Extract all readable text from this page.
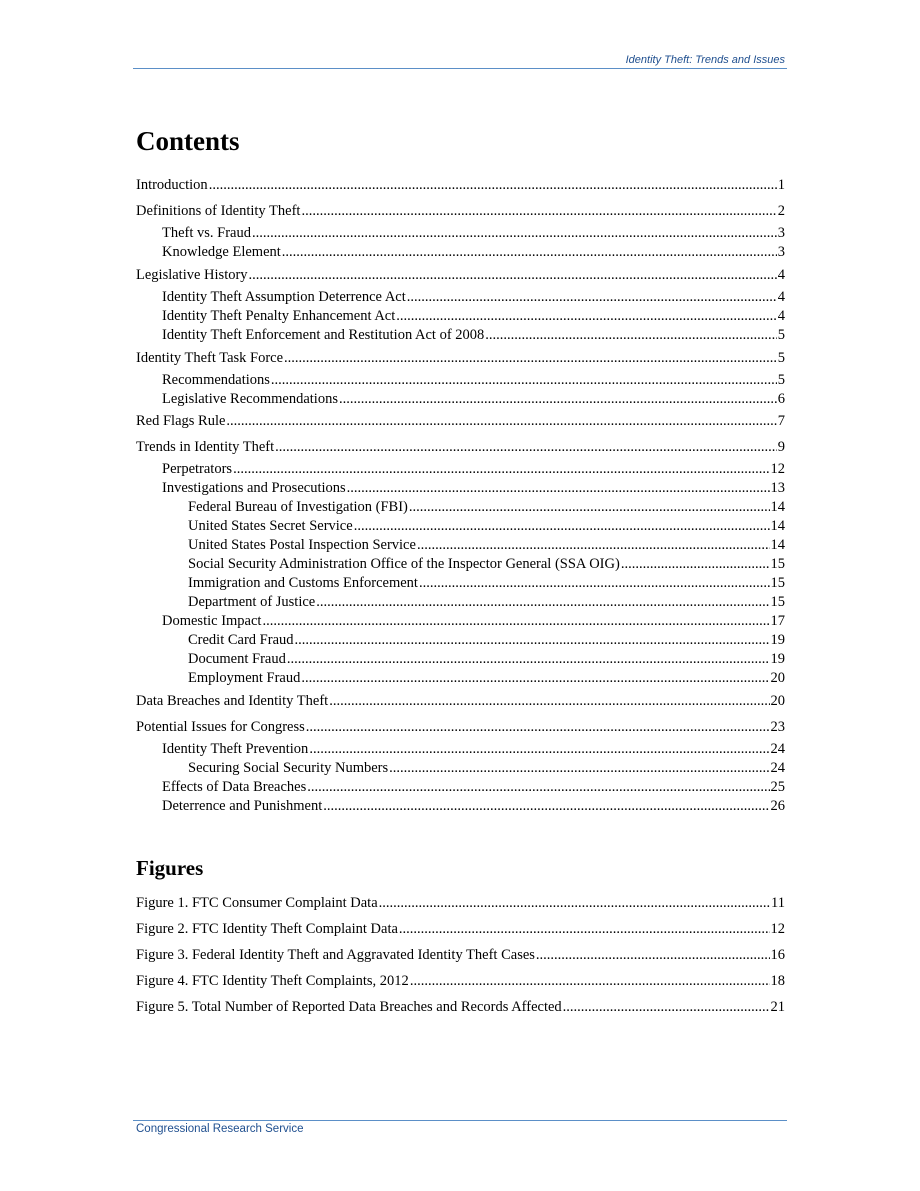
Identity Theft: Trends and Issues
Contents
Introduction .....	1
Definitions of Identity Theft .....	2
Theft vs. Fraud .....	3
Knowledge Element .....	3
Legislative History .....	4
Identity Theft Assumption Deterrence Act .....	4
Identity Theft Penalty Enhancement Act .....	4
Identity Theft Enforcement and Restitution Act of 2008 .....	5
Identity Theft Task Force .....	5
Recommendations .....	5
Legislative Recommendations .....	6
Red Flags Rule .....	7
Trends in Identity Theft .....	9
Perpetrators .....	12
Investigations and Prosecutions .....	13
Federal Bureau of Investigation (FBI) .....	14
United States Secret Service .....	14
United States Postal Inspection Service .....	14
Social Security Administration Office of the Inspector General (SSA OIG) .....	15
Immigration and Customs Enforcement .....	15
Department of Justice .....	15
Domestic Impact .....	17
Credit Card Fraud .....	19
Document Fraud .....	19
Employment Fraud .....	20
Data Breaches and Identity Theft .....	20
Potential Issues for Congress .....	23
Identity Theft Prevention .....	24
Securing Social Security Numbers .....	24
Effects of Data Breaches .....	25
Deterrence and Punishment .....	26
Figures
Figure 1. FTC Consumer Complaint Data .....	11
Figure 2. FTC Identity Theft Complaint Data .....	12
Figure 3. Federal Identity Theft and Aggravated Identity Theft Cases .....	16
Figure 4. FTC Identity Theft Complaints, 2012 .....	18
Figure 5. Total Number of Reported Data Breaches and Records Affected .....	21
Congressional Research Service
